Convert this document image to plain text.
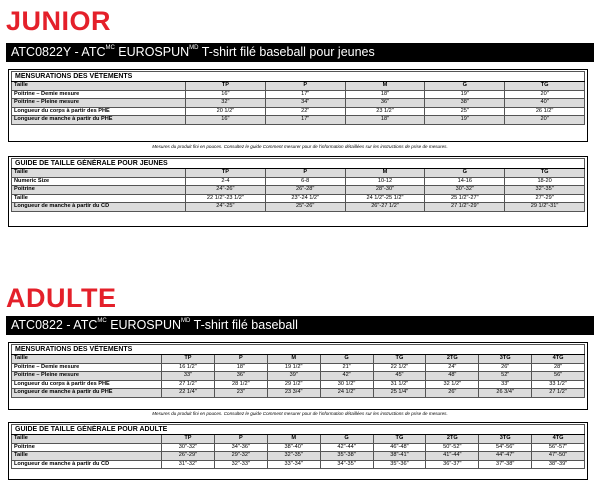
JUNIOR
$ATC0822Y - ATC^{MC}$ $EUROSPUN^{MD}$ T-shirt filé baseball pour jeunes
MENSURATIONS DES VÊTEMENTS					
Taille	TP	P	M	G	TG
Poitrine – Demie mesure	16"	17"	18"	19"	20"
Poitrine – Pleine mesure	32"	34"	36"	38"	40"
Longueur du corps à partir des PHÉ	20 1/2"	22"	23 1/2"	25"	26 1/2"
Longueur de manche à partir du PHÉ	16"	17"	18"	19"	20"
Mesures du produit fini en pouces. Consultez le guide Comment mesurer pour de l'information détaillées sur les instructions de prise de mesures.
GUIDE DE TAILLE GÉNÉRALE POUR JEUNES					
Taille	TP	P	M	G	TG
Numeric Size	2-4	6-8	10-12	14-16	18-20
Poitrine	24"-26"	26"-28"	28"-30"	30"-32"	32"-35"
Taille	22 1/2"-23 1/2"	23"-24 1/2"	24 1/2"-25 1/2"	25 1/2"-27"	27"-29"
Longueur de manche à partir du CD	24"-25"	25"-26"	26"-27 1/2"	27 1/2"-29"	29 1/2"-31"
ADULTE
$ATC0822 - ATC^{MC}$ $EUROSPUN^{MD}$ T-shirt filé baseball
MENSURATIONS DES VÊTEMENTS								
Taille	TP	P	M	G	TG	2TG	3TG	4TG
Poitrine – Demie mesure	16 1/2"	18"	19 1/2"	21"	22 1/2"	24"	26"	28"
Poitrine – Pleine mesure	33"	36"	39"	42"	45"	48"	52"	56"
Longueur du corps à partir des PHÉ	27 1/2"	28 1/2"	29 1/2"	30 1/2"	31 1/2"	32 1/2"	33"	33 1/2"
Longueur de manche à partir du PHÉ	22 1/4"	23"	23 3/4"	24 1/2"	25 1/4"	26"	26 3/4"	27 1/2"
Mesures du produit fini en pouces. Consultez le guide Comment mesurer pour de l'information détaillées sur les instructions de prise de mesures.
GUIDE DE TAILLE GÉNÉRALE POUR ADULTE								
Taille	TP	P	M	G	TG	2TG	3TG	4TG
Poitrine	30"-32"	34"-36"	38"-40"	42"-44"	46"-48"	50"-52"	54"-56"	56"-57"
Taille	26"-29"	29"-32"	32"-35"	35"-38"	38"-41"	41"-44"	44"-47"	47"-50"
Longueur de manche à partir du CD	31"-32"	32"-33"	33"-34"	34"-35"	35"-36"	36"-37"	37"-38"	38"-39"
